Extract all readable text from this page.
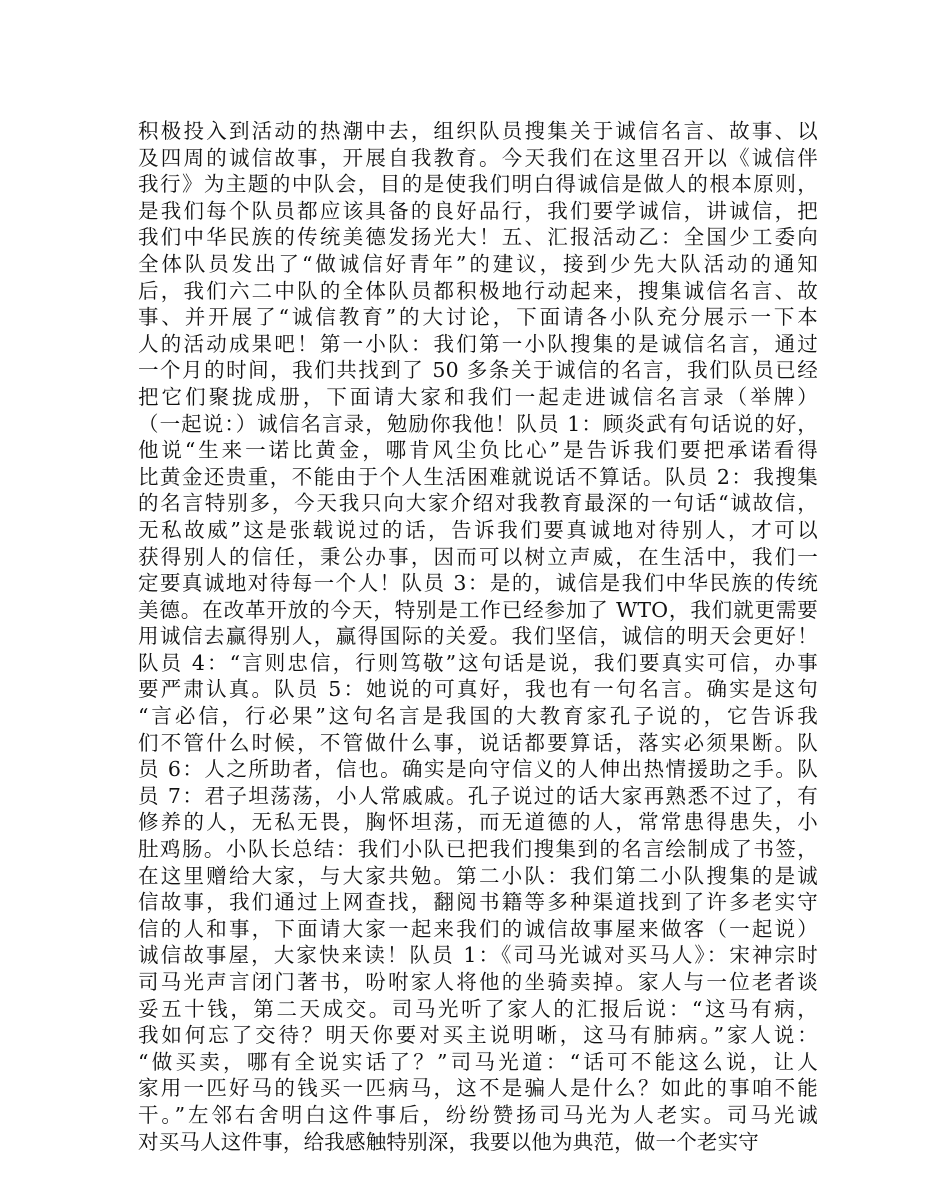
积极投入到活动的热潮中去，组织队员搜集关于诚信名言、故事、以
及四周的诚信故事，开展自我教育。今天我们在这里召开以《诚信伴
我行》为主题的中队会，目的是使我们明白得诚信是做人的根本原则，
是我们每个队员都应该具备的良好品行，我们要学诚信，讲诚信，把
我们中华民族的传统美德发扬光大！五、汇报活动乙：全国少工委向
全体队员发出了“做诚信好青年”的建议，接到少先大队活动的通知
后，我们六二中队的全体队员都积极地行动起来，搜集诚信名言、故
事、并开展了“诚信教育”的大讨论，下面请各小队充分展示一下本
人的活动成果吧！第一小队：我们第一小队搜集的是诚信名言，通过
一个月的时间，我们共找到了 50 多条关于诚信的名言，我们队员已经
把它们聚拢成册，下面请大家和我们一起走进诚信名言录（举牌）
（一起说：）诚信名言录，勉励你我他！队员 1：顾炎武有句话说的好，
他说“生来一诺比黄金，哪肯风尘负比心”是告诉我们要把承诺看得
比黄金还贵重，不能由于个人生活困难就说话不算话。队员 2：我搜集
的名言特别多，今天我只向大家介绍对我教育最深的一句话“诚故信，
无私故威”这是张载说过的话，告诉我们要真诚地对待别人，才可以
获得别人的信任，秉公办事，因而可以树立声威，在生活中，我们一
定要真诚地对待每一个人！队员 3：是的，诚信是我们中华民族的传统
美德。在改革开放的今天，特别是工作已经参加了 WTO，我们就更需要
用诚信去赢得别人，赢得国际的关爱。我们坚信，诚信的明天会更好！
队员 4：“言则忠信，行则笃敬”这句话是说，我们要真实可信，办事
要严肃认真。队员 5：她说的可真好，我也有一句名言。确实是这句
“言必信，行必果”这句名言是我国的大教育家孔子说的，它告诉我
们不管什么时候，不管做什么事，说话都要算话，落实必须果断。队
员 6：人之所助者，信也。确实是向守信义的人伸出热情援助之手。队
员 7：君子坦荡荡，小人常戚戚。孔子说过的话大家再熟悉不过了，有
修养的人，无私无畏，胸怀坦荡，而无道德的人，常常患得患失，小
肚鸡肠。小队长总结：我们小队已把我们搜集到的名言绘制成了书签，
在这里赠给大家，与大家共勉。第二小队：我们第二小队搜集的是诚
信故事，我们通过上网查找，翻阅书籍等多种渠道找到了许多老实守
信的人和事，下面请大家一起来我们的诚信故事屋来做客（一起说）
诚信故事屋，大家快来读！队员 1：《司马光诚对买马人》：宋神宗时
司马光声言闭门著书，吩咐家人将他的坐骑卖掉。家人与一位老者谈
妥五十钱，第二天成交。司马光听了家人的汇报后说：“这马有病，
我如何忘了交待？明天你要对买主说明晰，这马有肺病。”家人说：
“做买卖，哪有全说实话了？”司马光道：“话可不能这么说，让人
家用一匹好马的钱买一匹病马，这不是骗人是什么？如此的事咱不能
干。”左邻右舍明白这件事后，纷纷赞扬司马光为人老实。司马光诚
对买马人这件事，给我感触特别深，我要以他为典范，做一个老实守
